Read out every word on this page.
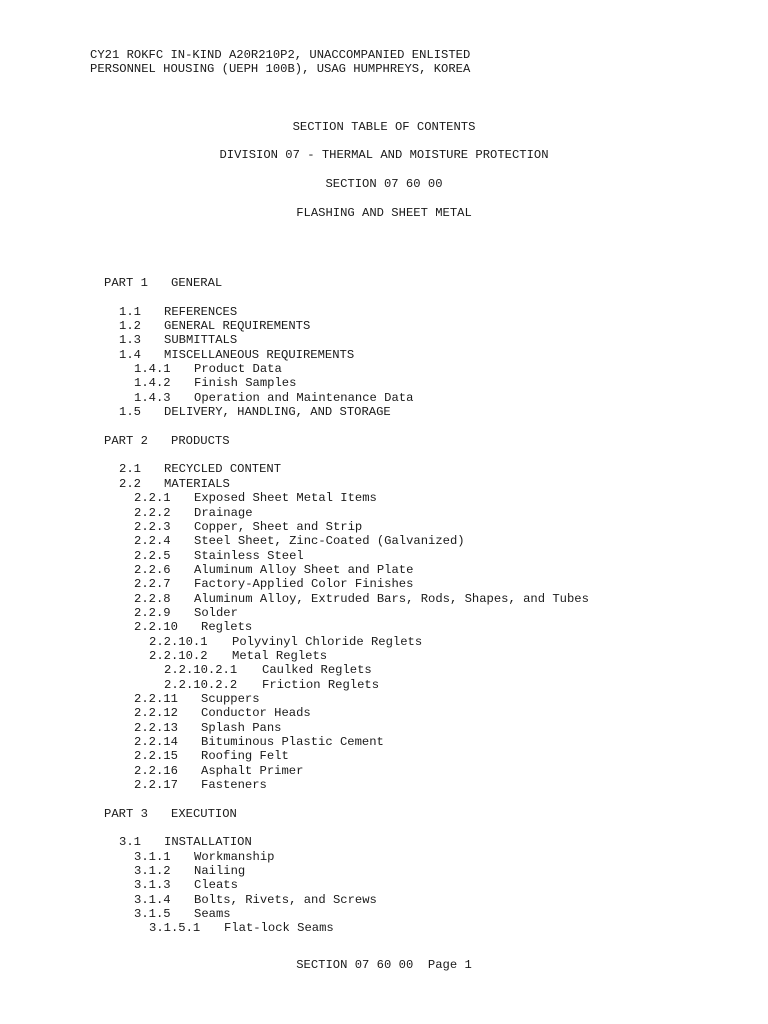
CY21 ROKFC IN-KIND A20R210P2, UNACCOMPANIED ENLISTED
PERSONNEL HOUSING (UEPH 100B), USAG HUMPHREYS, KOREA
SECTION TABLE OF CONTENTS
DIVISION 07 - THERMAL AND MOISTURE PROTECTION
SECTION 07 60 00
FLASHING AND SHEET METAL
PART 1 GENERAL
1.1 REFERENCES
1.2 GENERAL REQUIREMENTS
1.3 SUBMITTALS
1.4 MISCELLANEOUS REQUIREMENTS
1.4.1 Product Data
1.4.2 Finish Samples
1.4.3 Operation and Maintenance Data
1.5 DELIVERY, HANDLING, AND STORAGE
PART 2 PRODUCTS
2.1 RECYCLED CONTENT
2.2 MATERIALS
2.2.1 Exposed Sheet Metal Items
2.2.2 Drainage
2.2.3 Copper, Sheet and Strip
2.2.4 Steel Sheet, Zinc-Coated (Galvanized)
2.2.5 Stainless Steel
2.2.6 Aluminum Alloy Sheet and Plate
2.2.7 Factory-Applied Color Finishes
2.2.8 Aluminum Alloy, Extruded Bars, Rods, Shapes, and Tubes
2.2.9 Solder
2.2.10 Reglets
2.2.10.1 Polyvinyl Chloride Reglets
2.2.10.2 Metal Reglets
2.2.10.2.1 Caulked Reglets
2.2.10.2.2 Friction Reglets
2.2.11 Scuppers
2.2.12 Conductor Heads
2.2.13 Splash Pans
2.2.14 Bituminous Plastic Cement
2.2.15 Roofing Felt
2.2.16 Asphalt Primer
2.2.17 Fasteners
PART 3 EXECUTION
3.1 INSTALLATION
3.1.1 Workmanship
3.1.2 Nailing
3.1.3 Cleats
3.1.4 Bolts, Rivets, and Screws
3.1.5 Seams
3.1.5.1 Flat-lock Seams
SECTION 07 60 00  Page 1
